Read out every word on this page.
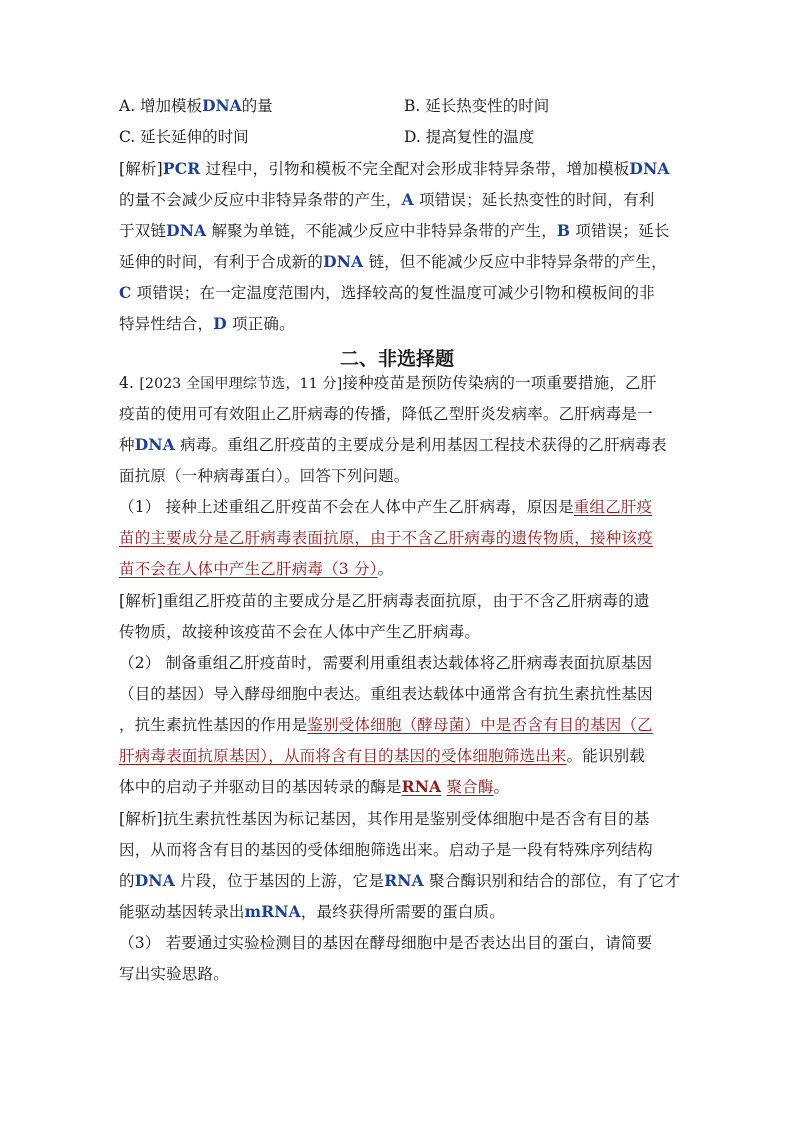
A. 增加模板DNA的量	B. 延长热变性的时间
C. 延长延伸的时间	D. 提高复性的温度
[解析]PCR 过程中，引物和模板不完全配对会形成非特异条带，增加模板DNA
的量不会减少反应中非特异条带的产生，A 项错误；延长热变性的时间，有利
于双链DNA 解聚为单链，不能减少反应中非特异条带的产生，B 项错误；延长
延伸的时间，有利于合成新的DNA 链，但不能减少反应中非特异条带的产生，
C 项错误；在一定温度范围内，选择较高的复性温度可减少引物和模板间的非
特异性结合，D 项正确。
二、非选择题
4. [2023 全国甲理综节选，11 分]接种疫苗是预防传染病的一项重要措施，乙肝
疫苗的使用可有效阻止乙肝病毒的传播，降低乙型肝炎发病率。乙肝病毒是一
种DNA 病毒。重组乙肝疫苗的主要成分是利用基因工程技术获得的乙肝病毒表
面抗原（一种病毒蛋白）。回答下列问题。
（1） 接种上述重组乙肝疫苗不会在人体中产生乙肝病毒，原因是重组乙肝疫
苗的主要成分是乙肝病毒表面抗原，由于不含乙肝病毒的遗传物质，接种该疫
苗不会在人体中产生乙肝病毒（3 分）。
[解析]重组乙肝疫苗的主要成分是乙肝病毒表面抗原，由于不含乙肝病毒的遗
传物质，故接种该疫苗不会在人体中产生乙肝病毒。
（2） 制备重组乙肝疫苗时，需要利用重组表达载体将乙肝病毒表面抗原基因
（目的基因）导入酵母细胞中表达。重组表达载体中通常含有抗生素抗性基因
，抗生素抗性基因的作用是鉴别受体细胞（酵母菌）中是否含有目的基因（乙
肝病毒表面抗原基因），从而将含有目的基因的受体细胞筛选出来。能识别载
体中的启动子并驱动目的基因转录的酶是RNA 聚合酶。
[解析]抗生素抗性基因为标记基因，其作用是鉴别受体细胞中是否含有目的基
因，从而将含有目的基因的受体细胞筛选出来。启动子是一段有特殊序列结构
的DNA 片段，位于基因的上游，它是RNA 聚合酶识别和结合的部位，有了它才
能驱动基因转录出mRNA，最终获得所需要的蛋白质。
（3） 若要通过实验检测目的基因在酵母细胞中是否表达出目的蛋白，请简要
写出实验思路。
